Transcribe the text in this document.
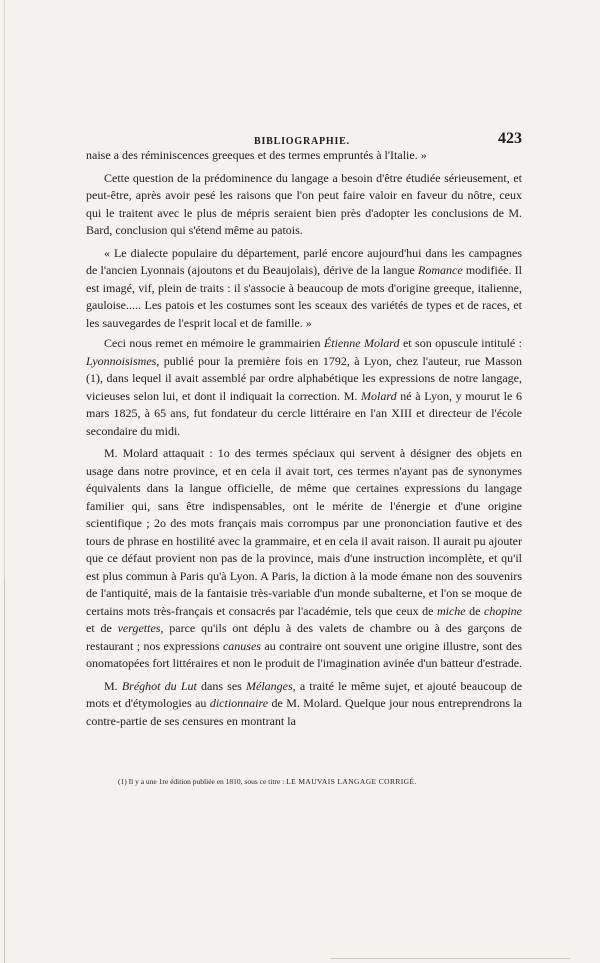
BIBLIOGRAPHIE.	423

naise a des réminiscences greeques et des termes empruntés à l'Italie. »

Cette question de la prédominence du langage a besoin d'être étudiée sérieusement, et peut-être, après avoir pesé les raisons que l'on peut faire valoir en faveur du nôtre, ceux qui le traitent avec le plus de mépris seraient bien près d'adopter les conclusions de M. Bard, conclusion qui s'étend même au patois.

« Le dialecte populaire du département, parlé encore aujourd'hui dans les campagnes de l'ancien Lyonnais (ajoutons et du Beaujolais), dérive de la langue Romance modifiée. Il est imagé, vif, plein de traits : il s'associe à beaucoup de mots d'origine greeque, italienne, gauloise..... Les patois et les costumes sont les sceaux des variétés de types et de races, et les sauvegardes de l'esprit local et de famille. »

Ceci nous remet en mémoire le grammairien Étienne Molard et son opuscule intitulé : Lyonnoisismes, publié pour la première fois en 1792, à Lyon, chez l'auteur, rue Masson (1), dans lequel il avait assemblé par ordre alphabétique les expressions de notre langage, vicieuses selon lui, et dont il indiquait la correction. M. Molard né à Lyon, y mourut le 6 mars 1825, à 65 ans, fut fondateur du cercle littéraire en l'an XIII et directeur de l'école secondaire du midi.

M. Molard attaquait : 1o des termes spéciaux qui servent à désigner des objets en usage dans notre province, et en cela il avait tort, ces termes n'ayant pas de synonymes équivalents dans la langue officielle, de même que certaines expressions du langage familier qui, sans être indispensables, ont le mérite de l'énergie et d'une origine scientifique ; 2o des mots français mais corrompus par une prononciation fautive et des tours de phrase en hostilité avec la grammaire, et en cela il avait raison. Il aurait pu ajouter que ce défaut provient non pas de la province, mais d'une instruction incomplète, et qu'il est plus commun à Paris qu'à Lyon. A Paris, la diction à la mode émane non des souvenirs de l'antiquité, mais de la fantaisie très-variable d'un monde subalterne, et l'on se moque de certains mots très-français et consacrés par l'académie, tels que ceux de miche de chopine et de vergettes, parce qu'ils ont déplu à des valets de chambre ou à des garçons de restaurant ; nos expressions canuses au contraire ont souvent une origine illustre, sont des onomatopées fort littéraires et non le produit de l'imagination avinée d'un batteur d'estrade.

M. Bréghot du Lut dans ses Mélanges, a traité le même sujet, et ajouté beaucoup de mots et d'étymologies au dictionnaire de M. Molard. Quelque jour nous entreprendrons la contre-partie de ses censures en montrant la

(1) Il y a une 1re édition publiée en 1810, sous ce titre : LE MAUVAIS LANGAGE CORRIGÉ.
